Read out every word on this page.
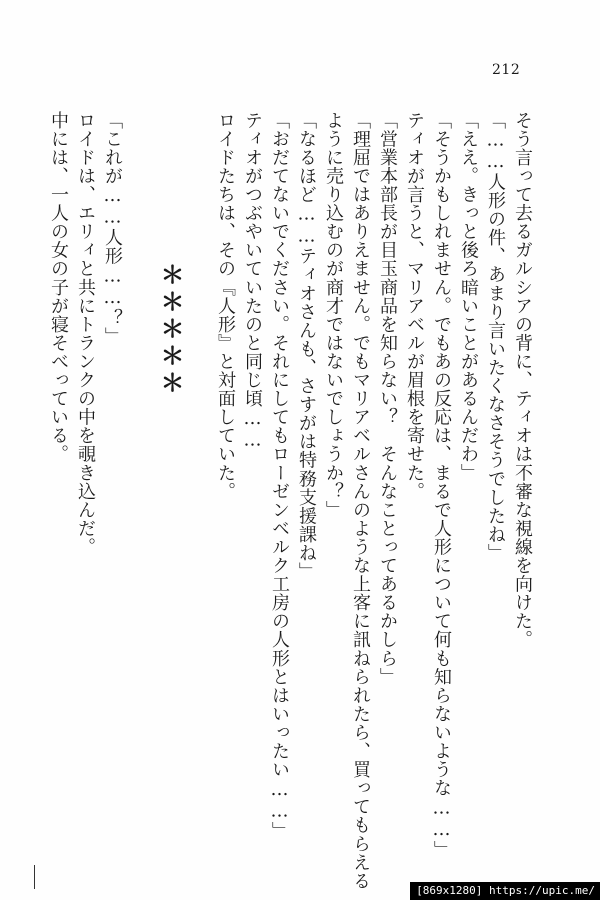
212
そう言って去るガルシアの背に、ティオは不審な視線を向けた。
「……人形の件、あまり言いたくなさそうでしたね」
「ええ。きっと後ろ暗いことがあるんだわ」
「そうかもしれません。でもあの反応は、まるで人形について何も知らないような……」
ティオが言うと、マリアベルが眉根を寄せた。
「営業本部長が目玉商品を知らない？　そんなことってあるかしら」
「理屈ではありえません。でもマリアベルさんのような上客に訊ねられたら、買ってもらえる
ように売り込むのが商才ではないでしょうか？」
「なるほど……ティオさんも、さすがは特務支援課ね」
「おだてないでください。それにしてもローゼンベルク工房の人形とはいったい……」
ティオがつぶやいていたのと同じ頃……
ロイドたちは、その『人形』と対面していた。
＊＊＊＊＊
「これが……人形……？」
ロイドは、エリィと共にトランクの中を覗き込んだ。
中には、一人の女の子が寝そべっている。
[869x1280] https://upic.me/
